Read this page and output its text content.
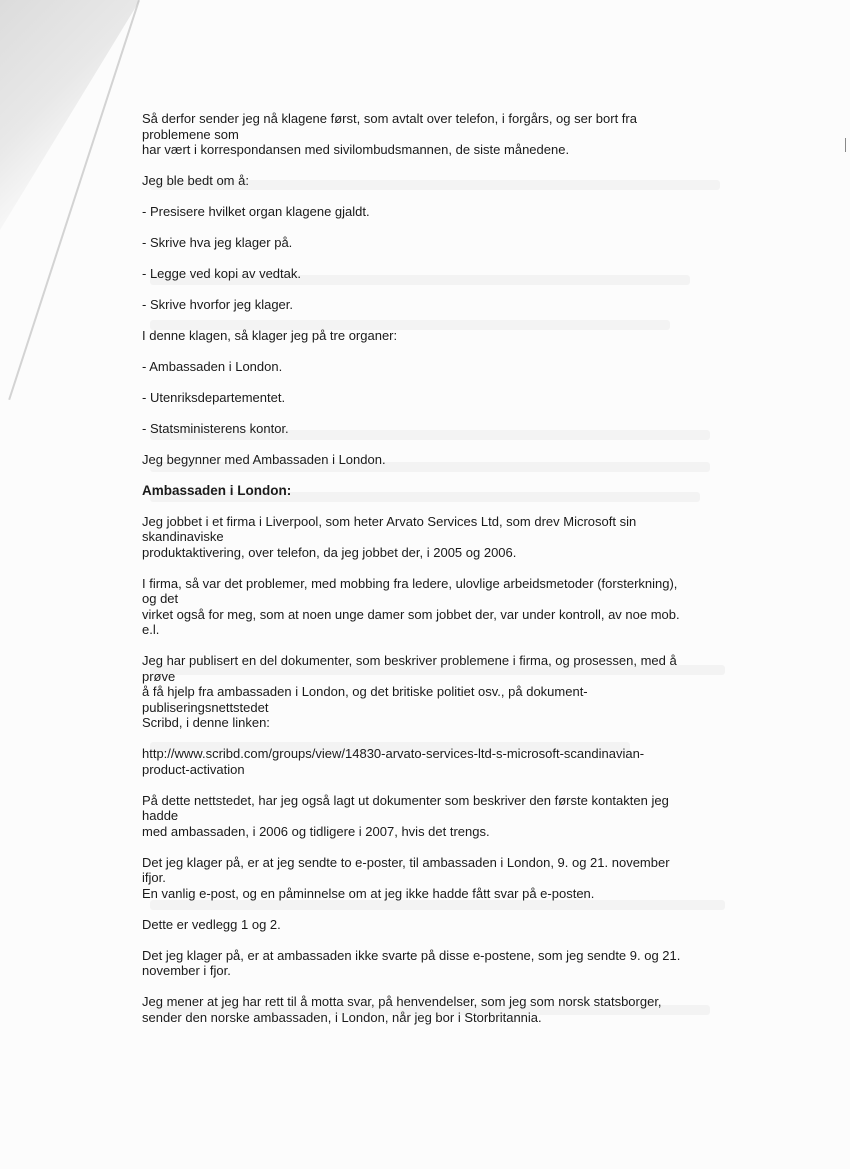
Så derfor sender jeg nå klagene først, som avtalt over telefon, i forgårs, og ser bort fra
problemene som
har vært i korrespondansen med sivilombudsmannen, de siste månedene.

Jeg ble bedt om å:

- Presisere hvilket organ klagene gjaldt.

- Skrive hva jeg klager på.

- Legge ved kopi av vedtak.

- Skrive hvorfor jeg klager.

I denne klagen, så klager jeg på tre organer:

- Ambassaden i London.

- Utenriksdepartementet.

- Statsministerens kontor.

Jeg begynner med Ambassaden i London.

Ambassaden i London:

Jeg jobbet i et firma i Liverpool, som heter Arvato Services Ltd, som drev Microsoft sin
skandinaviske
produktaktivering, over telefon, da jeg jobbet der, i 2005 og 2006.

I firma, så var det problemer, med mobbing fra ledere, ulovlige arbeidsmetoder (forsterkning),
og det
virket også for meg, som at noen unge damer som jobbet der, var under kontroll, av noe mob.
e.l.

Jeg har publisert en del dokumenter, som beskriver problemene i firma, og prosessen, med å
prøve
å få hjelp fra ambassaden i London, og det britiske politiet osv., på dokument-
publiseringsnettstedet
Scribd, i denne linken:

http://www.scribd.com/groups/view/14830-arvato-services-ltd-s-microsoft-scandinavian-
product-activation

På dette nettstedet, har jeg også lagt ut dokumenter som beskriver den første kontakten jeg
hadde
med ambassaden, i 2006 og tidligere i 2007, hvis det trengs.

Det jeg klager på, er at jeg sendte to e-poster, til ambassaden i London, 9. og 21. november
ifjor.
En vanlig e-post, og en påminnelse om at jeg ikke hadde fått svar på e-posten.

Dette er vedlegg 1 og 2.

Det jeg klager på, er at ambassaden ikke svarte på disse e-postene, som jeg sendte 9. og 21.
november i fjor.

Jeg mener at jeg har rett til å motta svar, på henvendelser, som jeg som norsk statsborger,
sender den norske ambassaden, i London, når jeg bor i Storbritannia.
